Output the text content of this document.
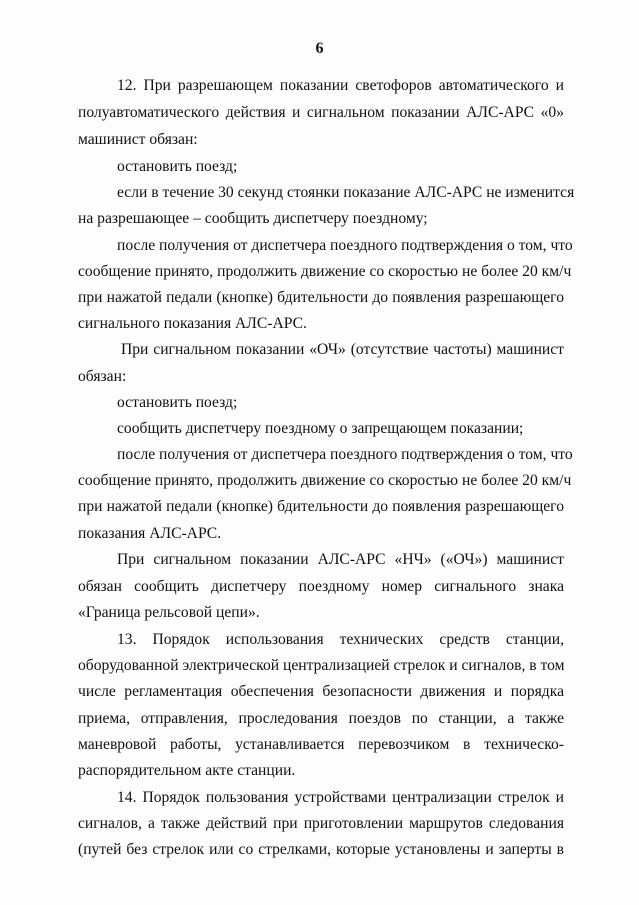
6
12. При разрешающем показании светофоров автоматического и
полуавтоматического действия и сигнальном показании АЛС-АРС «0»
машинист обязан:
остановить поезд;
если в течение 30 секунд стоянки показание АЛС-АРС не изменится
на разрешающее – сообщить диспетчеру поездному;
после получения от диспетчера поездного подтверждения о том, что
сообщение принято, продолжить движение со скоростью не более 20 км/ч
при нажатой педали (кнопке) бдительности до появления разрешающего
сигнального показания АЛС-АРС.
При сигнальном показании «ОЧ» (отсутствие частоты) машинист
обязан:
остановить поезд;
сообщить диспетчеру поездному о запрещающем показании;
после получения от диспетчера поездного подтверждения о том, что
сообщение принято, продолжить движение со скоростью не более 20 км/ч
при нажатой педали (кнопке) бдительности до появления разрешающего
показания АЛС-АРС.
При сигнальном показании АЛС-АРС «НЧ» («ОЧ») машинист
обязан сообщить диспетчеру поездному номер сигнального знака
«Граница рельсовой цепи».
13. Порядок использования технических средств станции,
оборудованной электрической централизацией стрелок и сигналов, в том
числе регламентация обеспечения безопасности движения и порядка
приема, отправления, проследования поездов по станции, а также
маневровой работы, устанавливается перевозчиком в техническо-
распорядительном акте станции.
14. Порядок пользования устройствами централизации стрелок и
сигналов, а также действий при приготовлении маршрутов следования
(путей без стрелок или со стрелками, которые установлены и заперты в
